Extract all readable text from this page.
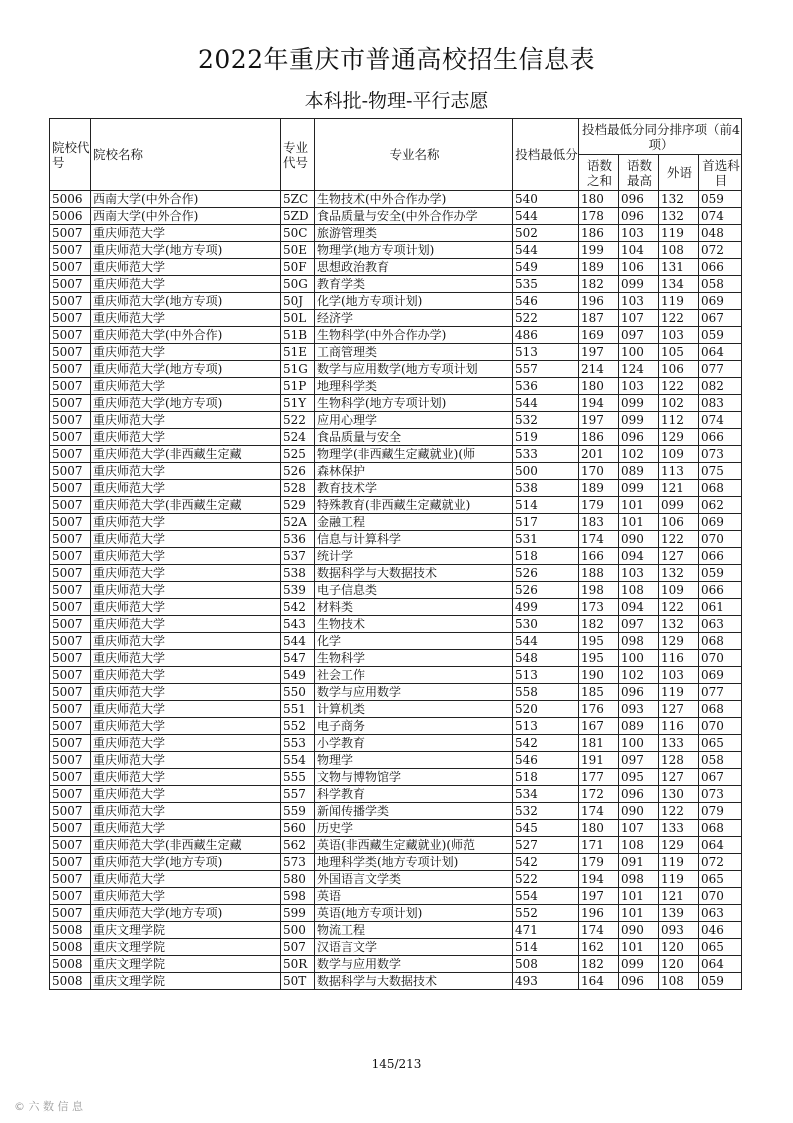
2022年重庆市普通高校招生信息表
本科批-物理-平行志愿
院校代号	院校名称	专业代号	专业名称	投档最低分	投档最低分同分排序项（前4项）			
					语数之和	语数最高	外语	首选科目
5006	西南大学(中外合作)	5ZC	生物技术(中外合作办学)	540	180	096	132	059
5006	西南大学(中外合作)	5ZD	食品质量与安全(中外合作办学	544	178	096	132	074
5007	重庆师范大学	50C	旅游管理类	502	186	103	119	048
5007	重庆师范大学(地方专项)	50E	物理学(地方专项计划)	544	199	104	108	072
5007	重庆师范大学	50F	思想政治教育	549	189	106	131	066
5007	重庆师范大学	50G	教育学类	535	182	099	134	058
5007	重庆师范大学(地方专项)	50J	化学(地方专项计划)	546	196	103	119	069
5007	重庆师范大学	50L	经济学	522	187	107	122	067
5007	重庆师范大学(中外合作)	51B	生物科学(中外合作办学)	486	169	097	103	059
5007	重庆师范大学	51E	工商管理类	513	197	100	105	064
5007	重庆师范大学(地方专项)	51G	数学与应用数学(地方专项计划	557	214	124	106	077
5007	重庆师范大学	51P	地理科学类	536	180	103	122	082
5007	重庆师范大学(地方专项)	51Y	生物科学(地方专项计划)	544	194	099	102	083
5007	重庆师范大学	522	应用心理学	532	197	099	112	074
5007	重庆师范大学	524	食品质量与安全	519	186	096	129	066
5007	重庆师范大学(非西藏生定藏	525	物理学(非西藏生定藏就业)(师	533	201	102	109	073
5007	重庆师范大学	526	森林保护	500	170	089	113	075
5007	重庆师范大学	528	教育技术学	538	189	099	121	068
5007	重庆师范大学(非西藏生定藏	529	特殊教育(非西藏生定藏就业)	514	179	101	099	062
5007	重庆师范大学	52A	金融工程	517	183	101	106	069
5007	重庆师范大学	536	信息与计算科学	531	174	090	122	070
5007	重庆师范大学	537	统计学	518	166	094	127	066
5007	重庆师范大学	538	数据科学与大数据技术	526	188	103	132	059
5007	重庆师范大学	539	电子信息类	526	198	108	109	066
5007	重庆师范大学	542	材料类	499	173	094	122	061
5007	重庆师范大学	543	生物技术	530	182	097	132	063
5007	重庆师范大学	544	化学	544	195	098	129	068
5007	重庆师范大学	547	生物科学	548	195	100	116	070
5007	重庆师范大学	549	社会工作	513	190	102	103	069
5007	重庆师范大学	550	数学与应用数学	558	185	096	119	077
5007	重庆师范大学	551	计算机类	520	176	093	127	068
5007	重庆师范大学	552	电子商务	513	167	089	116	070
5007	重庆师范大学	553	小学教育	542	181	100	133	065
5007	重庆师范大学	554	物理学	546	191	097	128	058
5007	重庆师范大学	555	文物与博物馆学	518	177	095	127	067
5007	重庆师范大学	557	科学教育	534	172	096	130	073
5007	重庆师范大学	559	新闻传播学类	532	174	090	122	079
5007	重庆师范大学	560	历史学	545	180	107	133	068
5007	重庆师范大学(非西藏生定藏	562	英语(非西藏生定藏就业)(师范	527	171	108	129	064
5007	重庆师范大学(地方专项)	573	地理科学类(地方专项计划)	542	179	091	119	072
5007	重庆师范大学	580	外国语言文学类	522	194	098	119	065
5007	重庆师范大学	598	英语	554	197	101	121	070
5007	重庆师范大学(地方专项)	599	英语(地方专项计划)	552	196	101	139	063
5008	重庆文理学院	500	物流工程	471	174	090	093	046
5008	重庆文理学院	507	汉语言文学	514	162	101	120	065
5008	重庆文理学院	50R	数学与应用数学	508	182	099	120	064
5008	重庆文理学院	50T	数据科学与大数据技术	493	164	096	108	059
145/213
© 六 数 信 息
